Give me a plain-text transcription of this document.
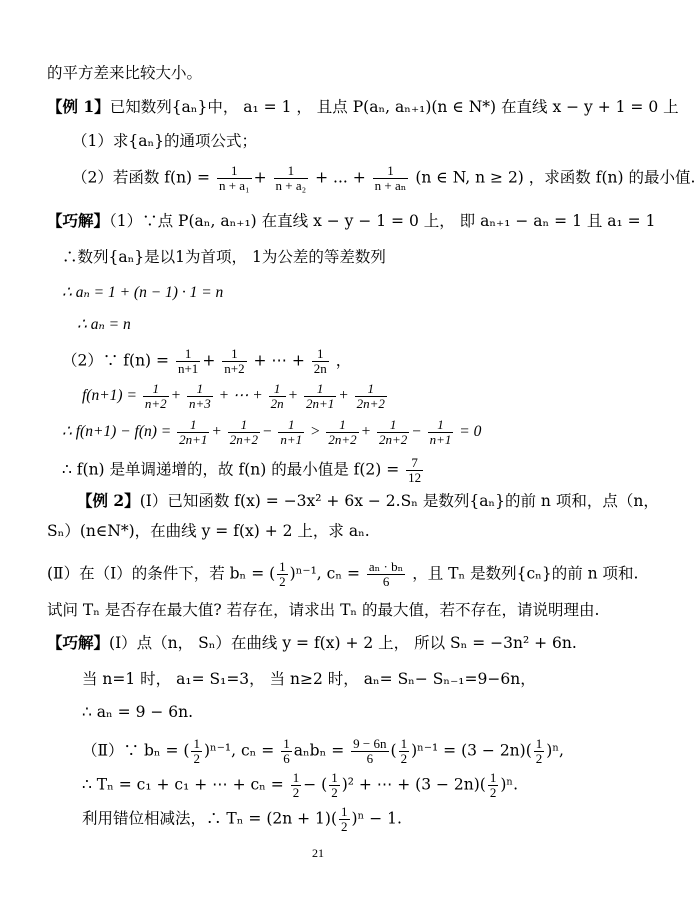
的平方差来比较大小。
【例 1】已知数列{aₙ}中， a₁ = 1 ， 且点 P(aₙ, aₙ₊₁)(n ∈ N*) 在直线 x − y + 1 = 0 上
（1）求{aₙ}的通项公式；
（2）若函数 $f(n) = \frac{1}{\text{n + a₁}} + \frac{1}{\text{n + a₂}}$ + ... + $\frac{1}{\text{n + aₙ}} (n$ ∈ N, n ≥ 2) ，求函数 f(n) 的最小值.
【巧解】（1）∵点 P(aₙ, aₙ₊₁) 在直线 x − y − 1 = 0 上， 即 aₙ₊₁ − aₙ = 1 且 a₁ = 1
∴数列{aₙ}是以1为首项， 1为公差的等差数列
∴ aₙ = 1 + (n − 1) · 1 = n
∴ aₙ = n
（2）∵ $f(n) = \frac{1}{n+1} + \frac{1}{n+2}$ + ⋯ + $\frac{1}{2n}$ ，
$f(n+1) = \frac{1}{n+2} + \frac{1}{n+3}$ + ⋯ + $\frac{1}{2n} + \frac{1}{2n+1} + \frac{1}{2n+2}$
∴ $f(n+1) - f(n) = \frac{1}{2n+1} + \frac{1}{2n+2} - \frac{1}{n+1} > \frac{1}{2n+2} + \frac{1}{2n+2} - \frac{1}{n+1} = 0$
∴ f(n) 是单调递增的，故 f(n) 的最小值是 $f(2) = \frac{7}{12}$
【例 2】(Ⅰ）已知函数 f(x) = −3x² + 6x − 2.Sₙ 是数列{aₙ}的前 n 项和，点（n，
Sₙ）(n∈N*)，在曲线 y = f(x) + 2 上，求 aₙ.
(Ⅱ）在（Ⅰ）的条件下，若 bₙ = ( $\frac{1}{2} )^{n-1}$, $c_n = \frac{\text{aₙ · bₙ}}{6}$ ，且 Tₙ 是数列{cₙ}的前 n 项和.
试问 Tₙ 是否存在最大值? 若存在，请求出 Tₙ 的最大值，若不存在，请说明理由.
【巧解】(Ⅰ）点（n， Sₙ）在曲线 y = f(x) + 2 上， 所以 Sₙ = −3n² + 6n.
当 n=1 时， a₁= S₁=3， 当 n≥2 时， aₙ= Sₙ− Sₙ₋₁=9−6n，
∴ aₙ = 9 − 6n.
（Ⅱ）∵ bₙ = ( $\frac{1}{2} )^{n-1}$, $c_n = \frac{1}{6}$ $a_nb_n = \frac{9 - 6n}{6}$ ( $\frac{1}{2} )^{n-1} = (3 - 2n)( \frac{1}{2} )^n$,
∴ Tₙ = c₁ + c₁ + ⋯ + $c_n = \frac{1}{2}$ − ( $\frac{1}{2} )^2$ + ⋯ + $(3 - 2n)( \frac{1}{2} )^n$.
利用错位相减法，∴ $T_n = (2n + 1)( \frac{1}{2} )^n - 1$.
21
